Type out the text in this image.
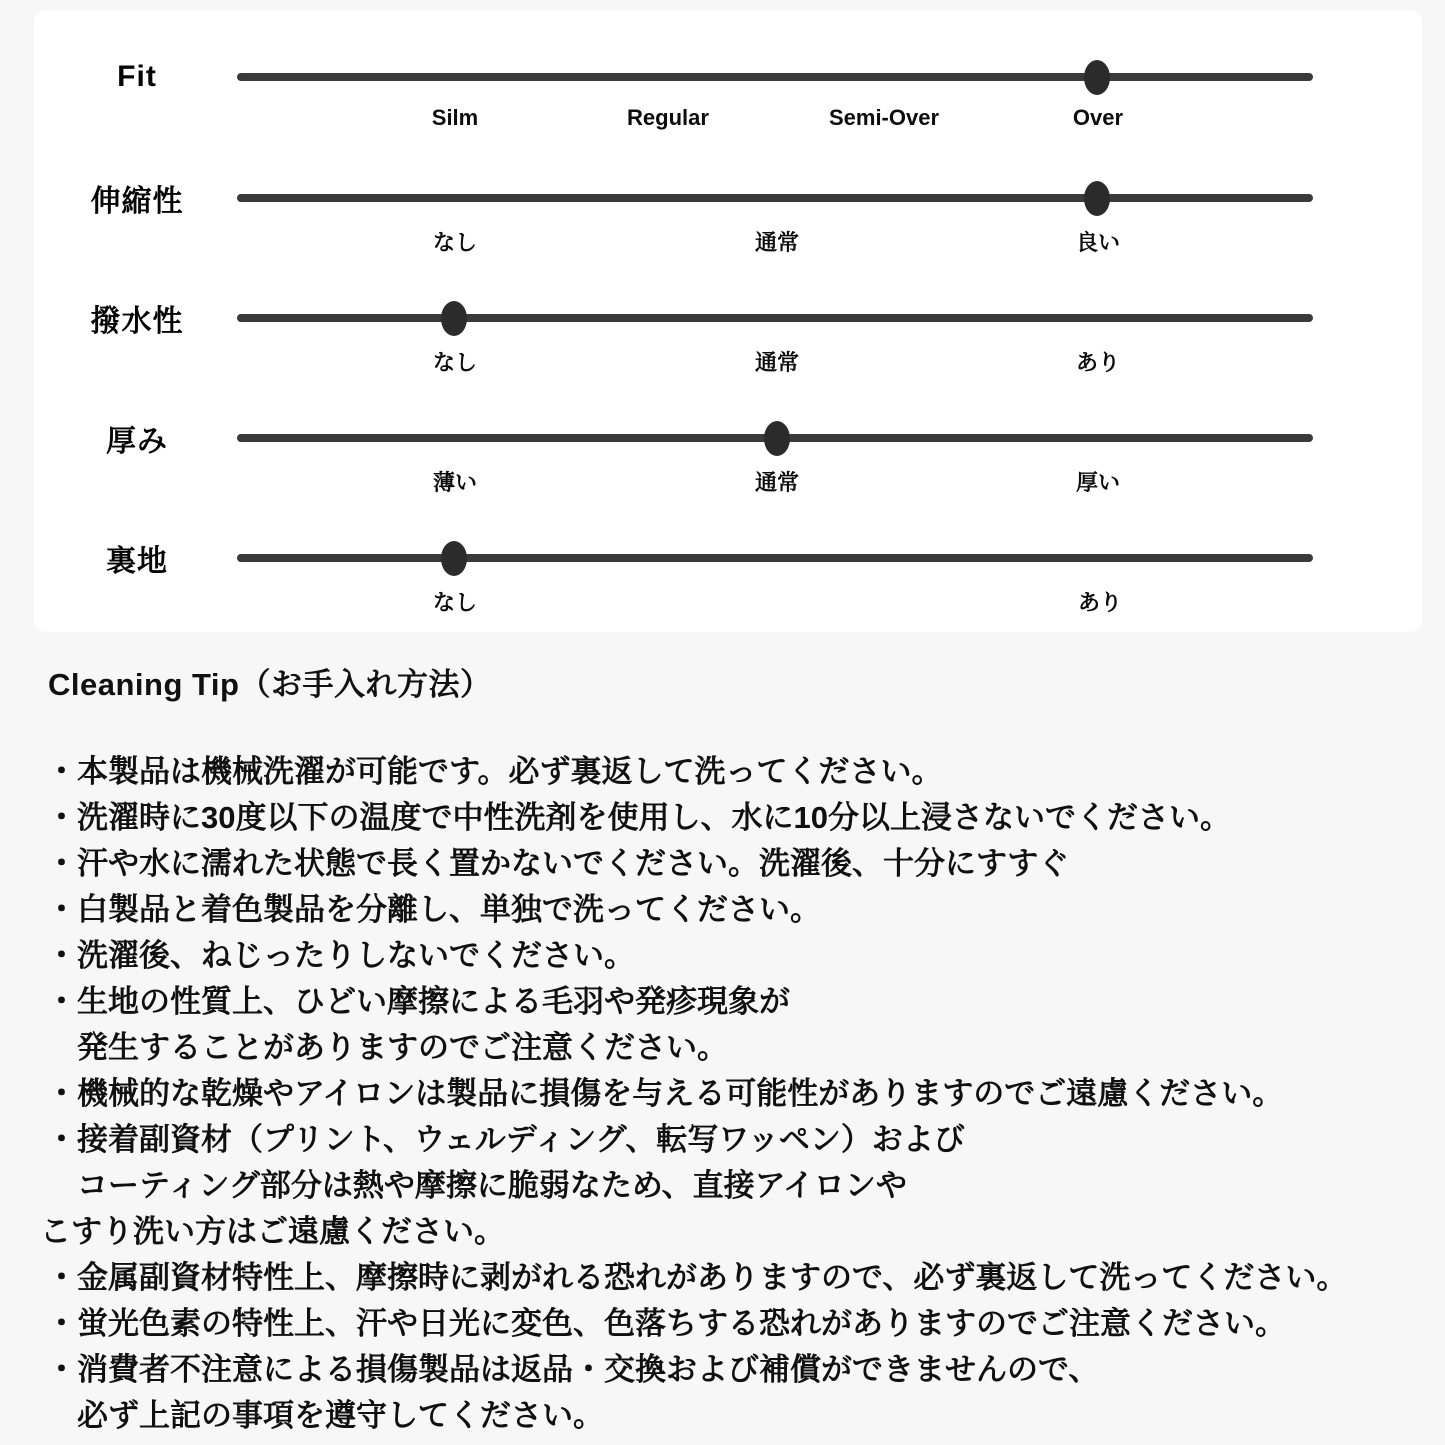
Fit
Silm	Regular	Semi-Over	Over
伸縮性
なし	通常	良い
撥水性
なし	通常	あり
厚み
薄い	通常	厚い
裏地
なし	あり
Cleaning Tip（お手入れ方法）
・本製品は機械洗濯が可能です。必ず裏返して洗ってください。
・洗濯時に30度以下の温度で中性洗剤を使用し、水に10分以上浸さないでください。
・汗や水に濡れた状態で長く置かないでください。洗濯後、十分にすすぐ
・白製品と着色製品を分離し、単独で洗ってください。
・洗濯後、ねじったりしないでください。
・生地の性質上、ひどい摩擦による毛羽や発疹現象が
発生することがありますのでご注意ください。
・機械的な乾燥やアイロンは製品に損傷を与える可能性がありますのでご遠慮ください。
・接着副資材（プリント、ウェルディング、転写ワッペン）および
コーティング部分は熱や摩擦に脆弱なため、直接アイロンや
こすり洗い方はご遠慮ください。
・金属副資材特性上、摩擦時に剥がれる恐れがありますので、必ず裏返して洗ってください。
・蛍光色素の特性上、汗や日光に変色、色落ちする恐れがありますのでご注意ください。
・消費者不注意による損傷製品は返品・交換および補償ができませんので、
必ず上記の事項を遵守してください。
